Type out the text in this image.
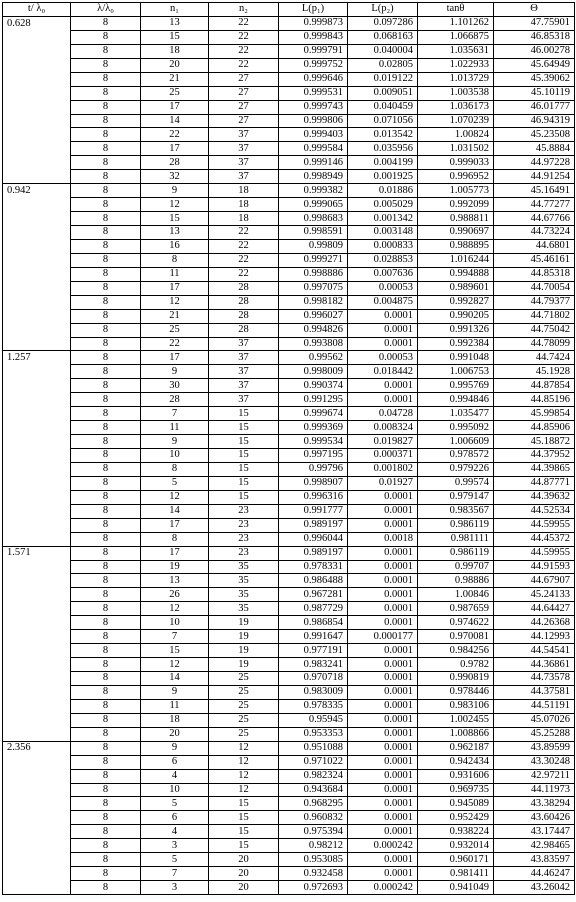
t/ λ₀	λ/λ₀	n₁	n₂	L(p₁)	L(p₂)	tanθ	Θ
0.628	8	13	22	0.999873	0.097286	1.101262	47.75901
	8	15	22	0.999843	0.068163	1.066875	46.85318
	8	18	22	0.999791	0.040004	1.035631	46.00278
	8	20	22	0.999752	0.02805	1.022933	45.64949
	8	21	27	0.999646	0.019122	1.013729	45.39062
	8	25	27	0.999531	0.009051	1.003538	45.10119
	8	17	27	0.999743	0.040459	1.036173	46.01777
	8	14	27	0.999806	0.071056	1.070239	46.94319
	8	22	37	0.999403	0.013542	1.00824	45.23508
	8	17	37	0.999584	0.035956	1.031502	45.8884
	8	28	37	0.999146	0.004199	0.999033	44.97228
	8	32	37	0.998949	0.001925	0.996952	44.91254
0.942	8	9	18	0.999382	0.01886	1.005773	45.16491
	8	12	18	0.999065	0.005029	0.992099	44.77277
	8	15	18	0.998683	0.001342	0.988811	44.67766
	8	13	22	0.998591	0.003148	0.990697	44.73224
	8	16	22	0.99809	0.000833	0.988895	44.6801
	8	8	22	0.999271	0.028853	1.016244	45.46161
	8	11	22	0.998886	0.007636	0.994888	44.85318
	8	17	28	0.997075	0.00053	0.989601	44.70054
	8	12	28	0.998182	0.004875	0.992827	44.79377
	8	21	28	0.996027	0.0001	0.990205	44.71802
	8	25	28	0.994826	0.0001	0.991326	44.75042
	8	22	37	0.993808	0.0001	0.992384	44.78099
1.257	8	17	37	0.99562	0.00053	0.991048	44.7424
	8	9	37	0.998009	0.018442	1.006753	45.1928
	8	30	37	0.990374	0.0001	0.995769	44.87854
	8	28	37	0.991295	0.0001	0.994846	44.85196
	8	7	15	0.999674	0.04728	1.035477	45.99854
	8	11	15	0.999369	0.008324	0.995092	44.85906
	8	9	15	0.999534	0.019827	1.006609	45.18872
	8	10	15	0.997195	0.000371	0.978572	44.37952
	8	8	15	0.99796	0.001802	0.979226	44.39865
	8	5	15	0.998907	0.01927	0.99574	44.87771
	8	12	15	0.996316	0.0001	0.979147	44.39632
	8	14	23	0.991777	0.0001	0.983567	44.52534
	8	17	23	0.989197	0.0001	0.986119	44.59955
	8	8	23	0.996044	0.0018	0.981111	44.45372
1.571	8	17	23	0.989197	0.0001	0.986119	44.59955
	8	19	35	0.978331	0.0001	0.99707	44.91593
	8	13	35	0.986488	0.0001	0.98886	44.67907
	8	26	35	0.967281	0.0001	1.00846	45.24133
	8	12	35	0.987729	0.0001	0.987659	44.64427
	8	10	19	0.986854	0.0001	0.974622	44.26368
	8	7	19	0.991647	0.000177	0.970081	44.12993
	8	15	19	0.977191	0.0001	0.984256	44.54541
	8	12	19	0.983241	0.0001	0.9782	44.36861
	8	14	25	0.970718	0.0001	0.990819	44.73578
	8	9	25	0.983009	0.0001	0.978446	44.37581
	8	11	25	0.978335	0.0001	0.983106	44.51191
	8	18	25	0.95945	0.0001	1.002455	45.07026
	8	20	25	0.953353	0.0001	1.008866	45.25288
2.356	8	9	12	0.951088	0.0001	0.962187	43.89599
	8	6	12	0.971022	0.0001	0.942434	43.30248
	8	4	12	0.982324	0.0001	0.931606	42.97211
	8	10	12	0.943684	0.0001	0.969735	44.11973
	8	5	15	0.968295	0.0001	0.945089	43.38294
	8	6	15	0.960832	0.0001	0.952429	43.60426
	8	4	15	0.975394	0.0001	0.938224	43.17447
	8	3	15	0.98212	0.000242	0.932014	42.98465
	8	5	20	0.953085	0.0001	0.960171	43.83597
	8	7	20	0.932458	0.0001	0.981411	44.46247
	8	3	20	0.972693	0.000242	0.941049	43.26042
